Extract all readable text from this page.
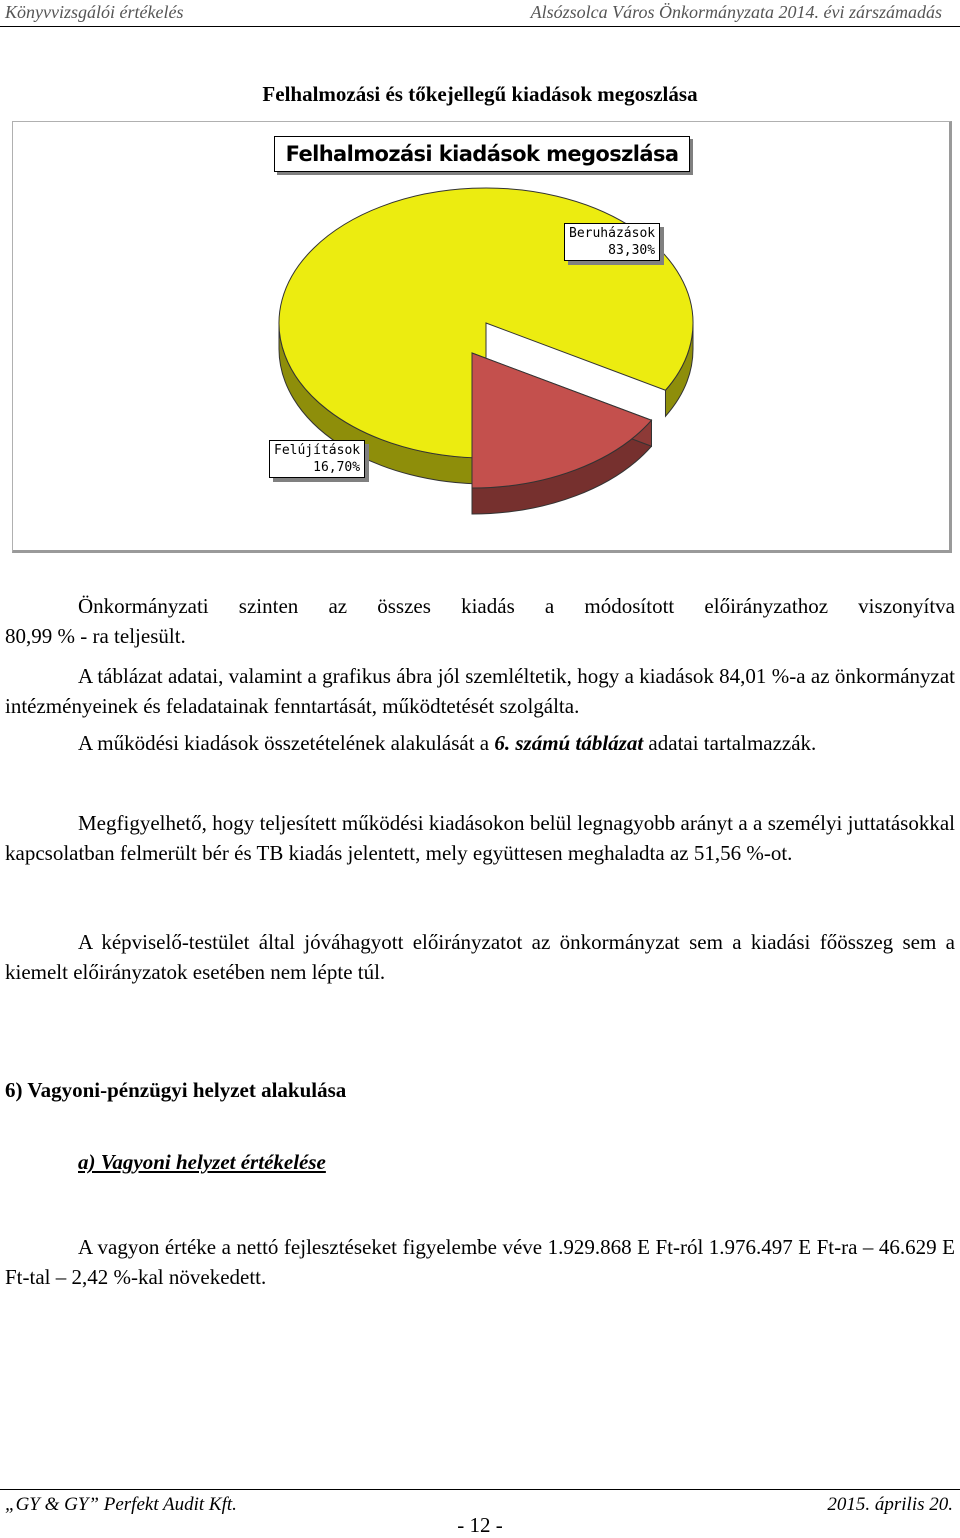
Könyvvizsgálói értékelés	Alsózsolca Város Önkormányzata 2014. évi zárszámadás
Felhalmozási és tőkejellegű kiadások megoszlása
Felhalmozási kiadások megoszlása
Beruházások
83,30%
Felújítások
16,70%
Önkormányzati szinten az összes kiadás a módosított előirányzathoz viszonyítva
80,99 % - ra teljesült.

A táblázat adatai, valamint a grafikus ábra jól szemléltetik, hogy a kiadások 84,01 %-a az önkormányzat intézményeinek és feladatainak fenntartását, működtetését szolgálta.

A működési kiadások összetételének alakulását a 6. számú táblázat adatai tartalmazzák.

Megfigyelhető, hogy teljesített működési kiadásokon belül legnagyobb arányt a a személyi juttatásokkal kapcsolatban felmerült bér és TB kiadás jelentett, mely együttesen meghaladta az 51,56 %-ot.

A képviselő-testület által jóváhagyott előirányzatot az önkormányzat sem a kiadási főösszeg sem a kiemelt előirányzatok esetében nem lépte túl.

6) Vagyoni-pénzügyi helyzet alakulása
a) Vagyoni helyzet értékelése

A vagyon értéke a nettó fejlesztéseket figyelembe véve 1.929.868 E Ft-ról 1.976.497 E Ft-ra – 46.629 E Ft-tal – 2,42 %-kal növekedett.

„GY & GY” Perfekt Audit Kft.	2015. április 20.
- 12 -
